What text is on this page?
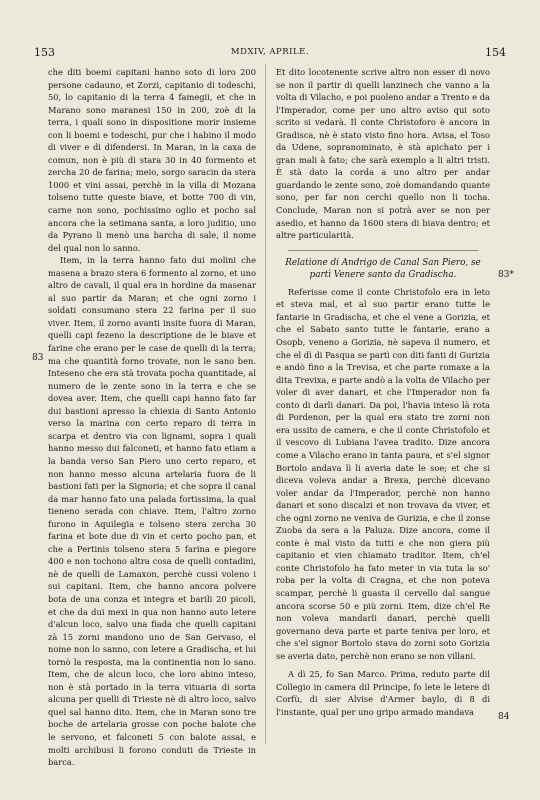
153	MDXIV, APRILE.	154
83
83*
84

che diti boemi capitani hanno soto di loro 200 persone cadauno, et Zorzi, capitanio di todeschi, 50, lo capitanio di la terra 4 famegii, et che in Marano sono maranesi 150 in 200, zoè di la terra, i quali sono in dispositione morir insieme con li boemi e todeschi, pur che i habino il modo di viver e di difendersi. In Maran, in la caxa de comun, non è più di stara 30 in 40 formento et zercha 20 de farina; meio, sorgo saracin da stera 1000 et vini assai, perchè in la villa di Mozana tolseno tutte queste biave, et botte 700 di vin, carne non sono, pochissimo oglio et pocho sal ancora che la setimana santa, a loro juditio, uno da Pyrano li menò una barcha di sale, il nome del qual non lo sanno.

Item, in la terra hanno fato dui molini che masena a brazo stera 6 formento al zorno, et uno altro de cavali, il qual era in hordine da masenar al suo partir da Maran; et che ogni zorno i soldati consumano stera 22 farina per il suo viver. Item, il zorno avanti insite fuora di Maran, quelli capi fezeno la descriptione de le biave et farine che erano per le case de quelli di la terra; ma che quantità forno trovate, non le sano ben. Inteseno che era stà trovata pocha quantitade, al numero de le zente sono in la terra e che se dovea aver. Item, che quelli capi hanno fato far dui bastioni apresso la chiexia di Santo Antonio verso la marina con certo reparo di terra in scarpa et dentro via con lignami, sopra i quali hanno messo dui falconeti, et hanno fato etiam a la banda verso San Piero uno certo reparo, et non hanno messo alcuna artelaria fuora de li bastioni fati per la Signoria; et che sopra il canal da mar hanno fato una palada fortissima, la qual tieneno serada con chiave. Item, l'altro zorno furono in Aquilegia e tolseno stera zercha 30 farina et bote due di vin et certo pocho pan, et che a Pertinis tolseno stera 5 farina e piegore 400 e non tochono altra cosa de quelli contadini, nè de quelli de Lamaxon, perchè cussi voleno i sui capitani. Item, che hanno ancora polvere bota de una conza et integra et barili 20 picoli, et che da dui mexi in qua non hanno auto letere d'alcun loco, salvo una fiada che quelli capitani zà 15 zorni mandono uno de San Gervaso, el nome non lo sanno, con letere a Gradischa, et lui tornò la resposta, ma la continentia non lo sano. Item, che de alcun loco, che loro abino inteso, non è stà portado in la terra vituaria di sorta alcuna per quelli di Trieste nè di altro loco, salvo quel sal hanno dito. Item, che in Maran sono tre boche de artelaria grosse con poche balote che le servono, et falconeti 5 con balote assai, e molti archibusi li forono conduti da Trieste in barca.

Et dito locotenente scrive altro non esser di novo se non il partir di quelli lanzinech che vanno a la volta di Vilacho, e poi puoleno andar a Trento e da l'Imperador, come per uno altro aviso qui soto scrito si vedarà. Il conte Christoforo è ancora in Gradisca, nè è stato visto fino hora. Avisa, el Toso da Udene, sopranominato, è stà apichato per i gran mali à fato; che sarà exemplo a li altri tristi. È stà dato la corda a uno altro per andar guardando le zente sono, zoè domandando quante sono, per far non cerchi quello non li tocha. Conclude, Maran non si potrà aver se non per asedio, et hanno da 1600 stera di biava dentro; et altre particularità.

Relatione di Andrigo de Canal San Piero, se partì Venere santo da Gradischa.

Referisse come il conte Christofolo era in leto et steva mal, et al suo partir erano tutte le fantarie in Gradischa, et che el vene a Gorizia, et che el Sabato santo tutte le fantarie, erano a Osopb, veneno a Gorizia, nè sapeva il numero, et che el dì di Pasqua se partì con diti fanti di Gurizia e andò fino a la Trevisa, et che parte romaxe a la dita Trevixa, e parte andò a la volta de Vilacho per voler di aver danari, et che l'Imperador non fa conto di darli danari. Da poi, l'havia inteso là rota di Pordenon, per la qual era stato tre zorni non era ussito de camera, e che il conte Christofolo et il vescovo di Lubiana l'avea tradito. Dize ancora come a Vilacho erano in tanta paura, et s'el signor Bortolo andava lì li averia date le soe; et che si diceva voleva andar a Brexa, perchè dicevano voler andar da l'Imperador, perchè non hanno danari et sono discalzi et non trovava da viver, et che ogni zorno ne veniva de Gurizia, e che il zonse Zuoba da sera a la Paluza. Dize ancora, come il conte è mal visto da tutti e che non giera più capitanio et vien chiamato traditor. Item, ch'el conte Christofolo ha fato meter in via tuta la so' roba per la volta di Cragna, et che non poteva scampar, perchè li guasta il cervello dal sangue ancora scorse 50 e più zorni. Item, dize ch'el Re non voleva mandarli danari, perchè quelli governano deva parte et parte teniva per loro, et che s'el signor Bortolo stava do zorni soto Gorizia se averia dato, perchè non erano se non villani.

A dì 25, fo San Marco. Prima, reduto parte dil Collegio in camera dil Principe, fo lete le letere di Corfù, di sier Alvise d'Armer baylo, di 8 di l'instante, qual per uno gripo armado mandava
